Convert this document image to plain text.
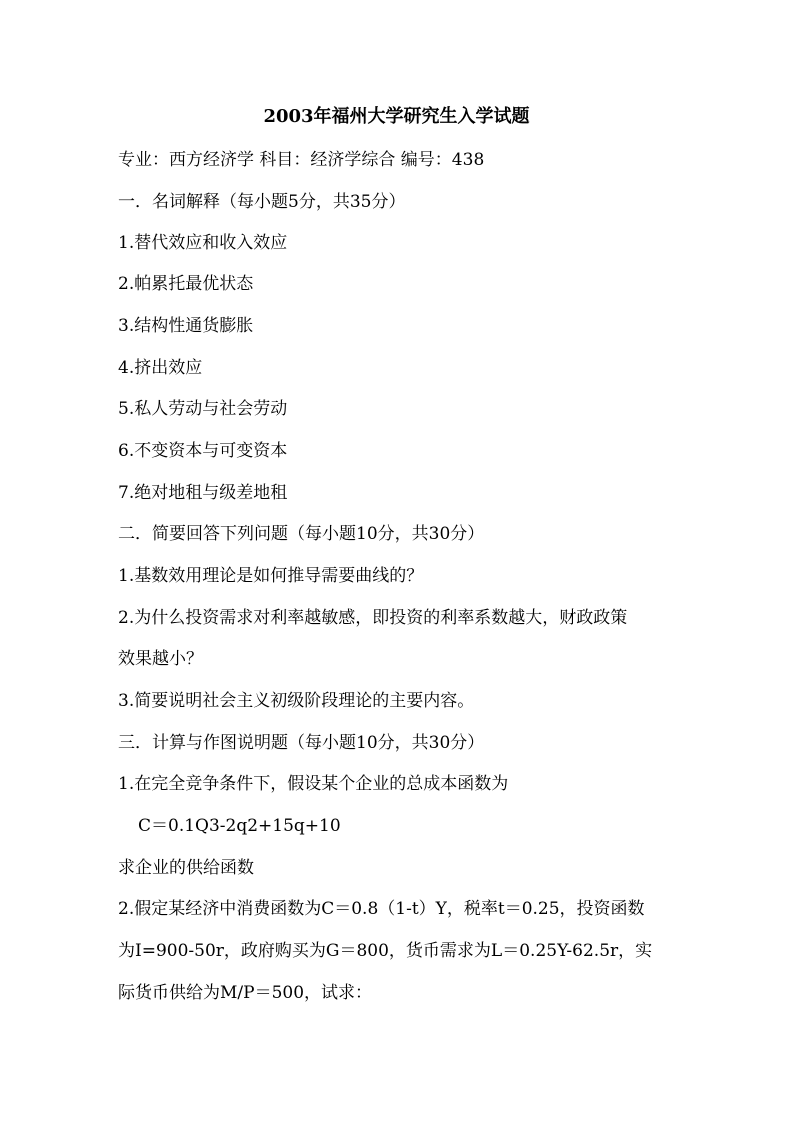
2003年福州大学研究生入学试题
专业：西方经济学 科目：经济学综合 编号：438
一．名词解释（每小题5分，共35分）
1.替代效应和收入效应
2.帕累托最优状态
3.结构性通货膨胀
4.挤出效应
5.私人劳动与社会劳动
6.不变资本与可变资本
7.绝对地租与级差地租
二．简要回答下列问题（每小题10分，共30分）
1.基数效用理论是如何推导需要曲线的？
2.为什么投资需求对利率越敏感，即投资的利率系数越大，财政政策
效果越小？
3.简要说明社会主义初级阶段理论的主要内容。
三．计算与作图说明题（每小题10分，共30分）
1.在完全竞争条件下，假设某个企业的总成本函数为
C＝0.1Q3-2q2+15q+10
求企业的供给函数
2.假定某经济中消费函数为C＝0.8（1-t）Y，税率t＝0.25，投资函数
为I=900-50r，政府购买为G＝800，货币需求为L＝0.25Y-62.5r，实
际货币供给为M/P＝500，试求：
